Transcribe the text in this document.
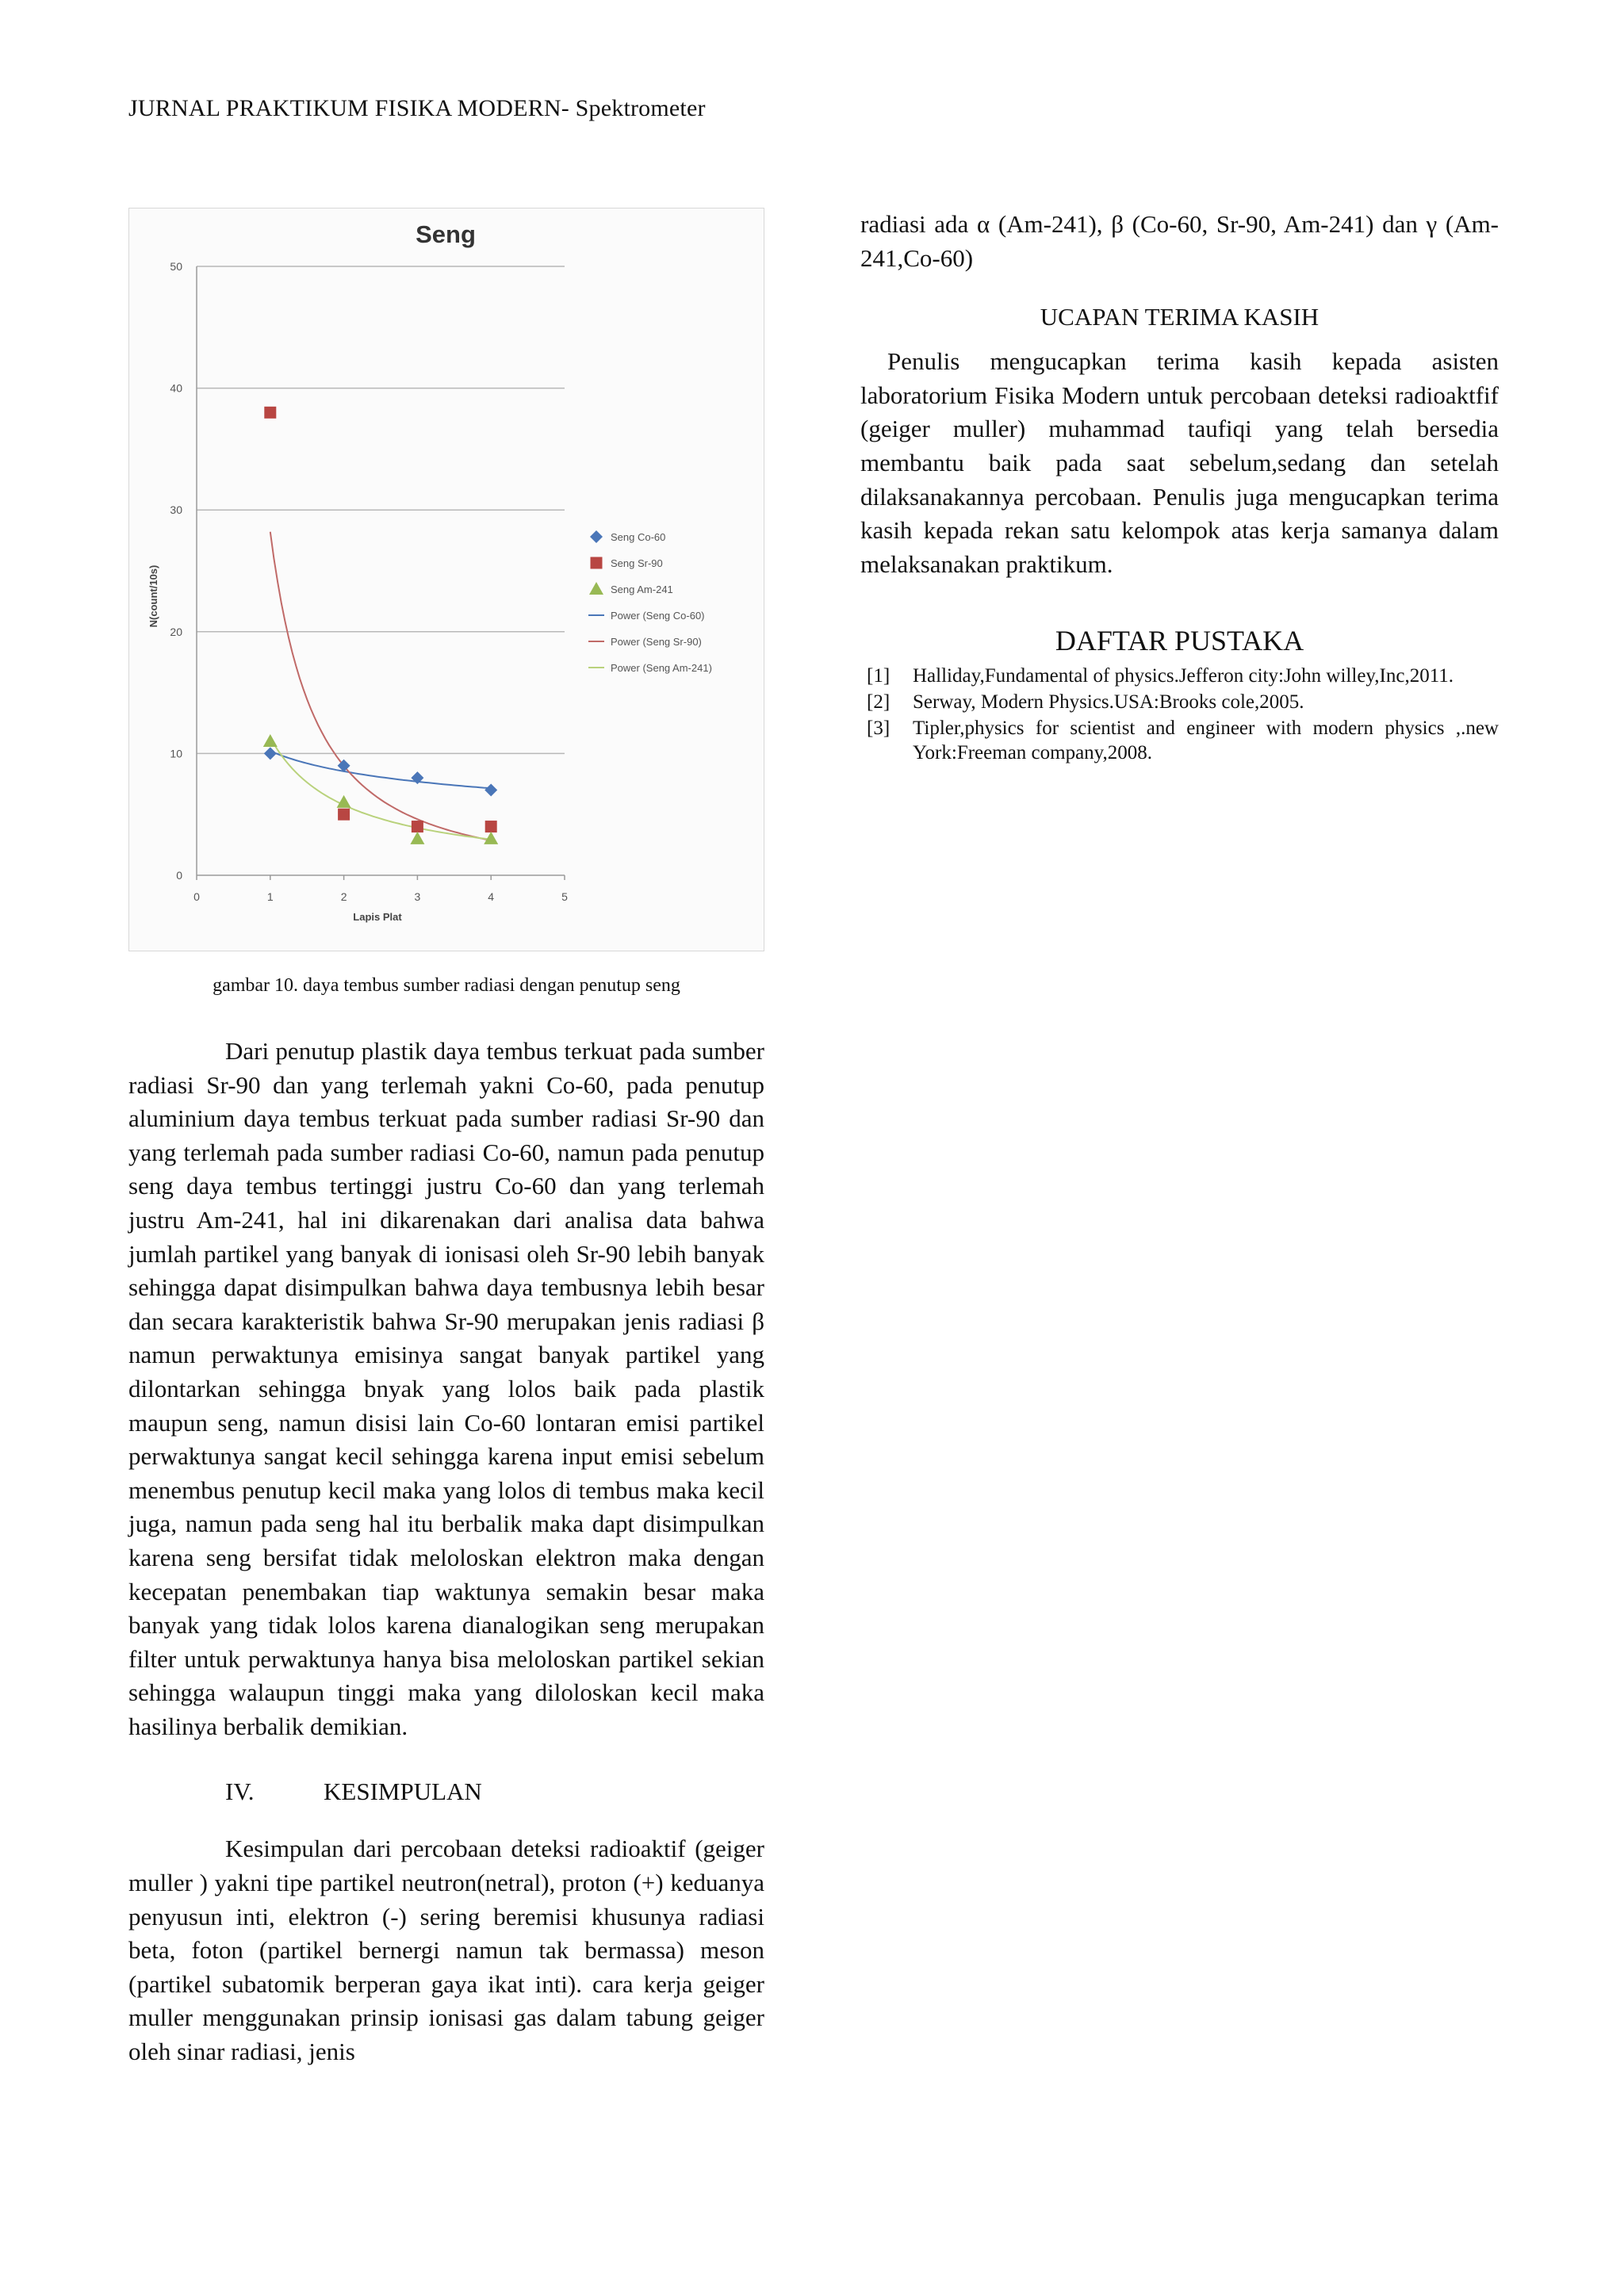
JURNAL PRAKTIKUM FISIKA MODERN- Spektrometer
0
10
20
30
40
50
0	1	2	3	4	5
Seng
Lapis Plat
N(count/10s)
Seng Co-60
Seng Sr-90
Seng Am-241
Power (Seng Co-60)
Power (Seng Sr-90)
Power (Seng Am-241)
gambar 10. daya tembus sumber radiasi dengan penutup seng

Dari penutup plastik daya tembus terkuat pada sumber radiasi Sr-90 dan yang terlemah yakni Co-60, pada penutup aluminium daya tembus terkuat pada sumber radiasi Sr-90 dan yang terlemah pada sumber radiasi Co-60, namun pada penutup seng daya tembus tertinggi justru Co-60 dan yang terlemah justru Am-241, hal ini dikarenakan dari analisa data bahwa jumlah partikel yang banyak di ionisasi oleh Sr-90 lebih banyak sehingga dapat disimpulkan bahwa daya tembusnya lebih besar dan secara karakteristik bahwa Sr-90 merupakan jenis radiasi β namun perwaktunya emisinya sangat banyak partikel yang dilontarkan sehingga bnyak yang lolos baik pada plastik maupun seng, namun disisi lain Co-60 lontaran emisi partikel perwaktunya sangat kecil sehingga karena input emisi sebelum menembus penutup kecil maka yang lolos di tembus maka kecil juga, namun pada seng hal itu berbalik maka dapt disimpulkan karena seng bersifat tidak meloloskan elektron maka dengan kecepatan penembakan tiap waktunya semakin besar maka banyak yang tidak lolos karena dianalogikan seng merupakan filter untuk perwaktunya hanya bisa meloloskan partikel sekian sehingga walaupun tinggi maka yang diloloskan kecil maka hasilinya berbalik demikian.

IV.	KESIMPULAN

Kesimpulan dari percobaan deteksi radioaktif (geiger muller ) yakni tipe partikel neutron(netral), proton (+) keduanya penyusun inti, elektron (-) sering beremisi khusunya radiasi beta, foton (partikel bernergi namun tak bermassa) meson (partikel subatomik berperan gaya ikat inti). cara kerja geiger muller menggunakan prinsip ionisasi gas dalam tabung geiger oleh sinar radiasi, jenis

radiasi ada α (Am-241), β (Co-60, Sr-90, Am-241) dan γ (Am-241,Co-60)

UCAPAN TERIMA KASIH

Penulis mengucapkan terima kasih kepada asisten laboratorium Fisika Modern untuk percobaan deteksi radioaktfif (geiger muller) muhammad taufiqi yang telah bersedia membantu baik pada saat sebelum,sedang dan setelah dilaksanakannya percobaan. Penulis juga mengucapkan terima kasih kepada rekan satu kelompok atas kerja samanya dalam melaksanakan praktikum.

DAFTAR PUSTAKA
[1]	Halliday,Fundamental of physics.Jefferon city:John willey,Inc,2011.
[2]	Serway, Modern Physics.USA:Brooks cole,2005.
[3]	Tipler,physics for scientist and engineer with modern physics ,.new York:Freeman company,2008.
